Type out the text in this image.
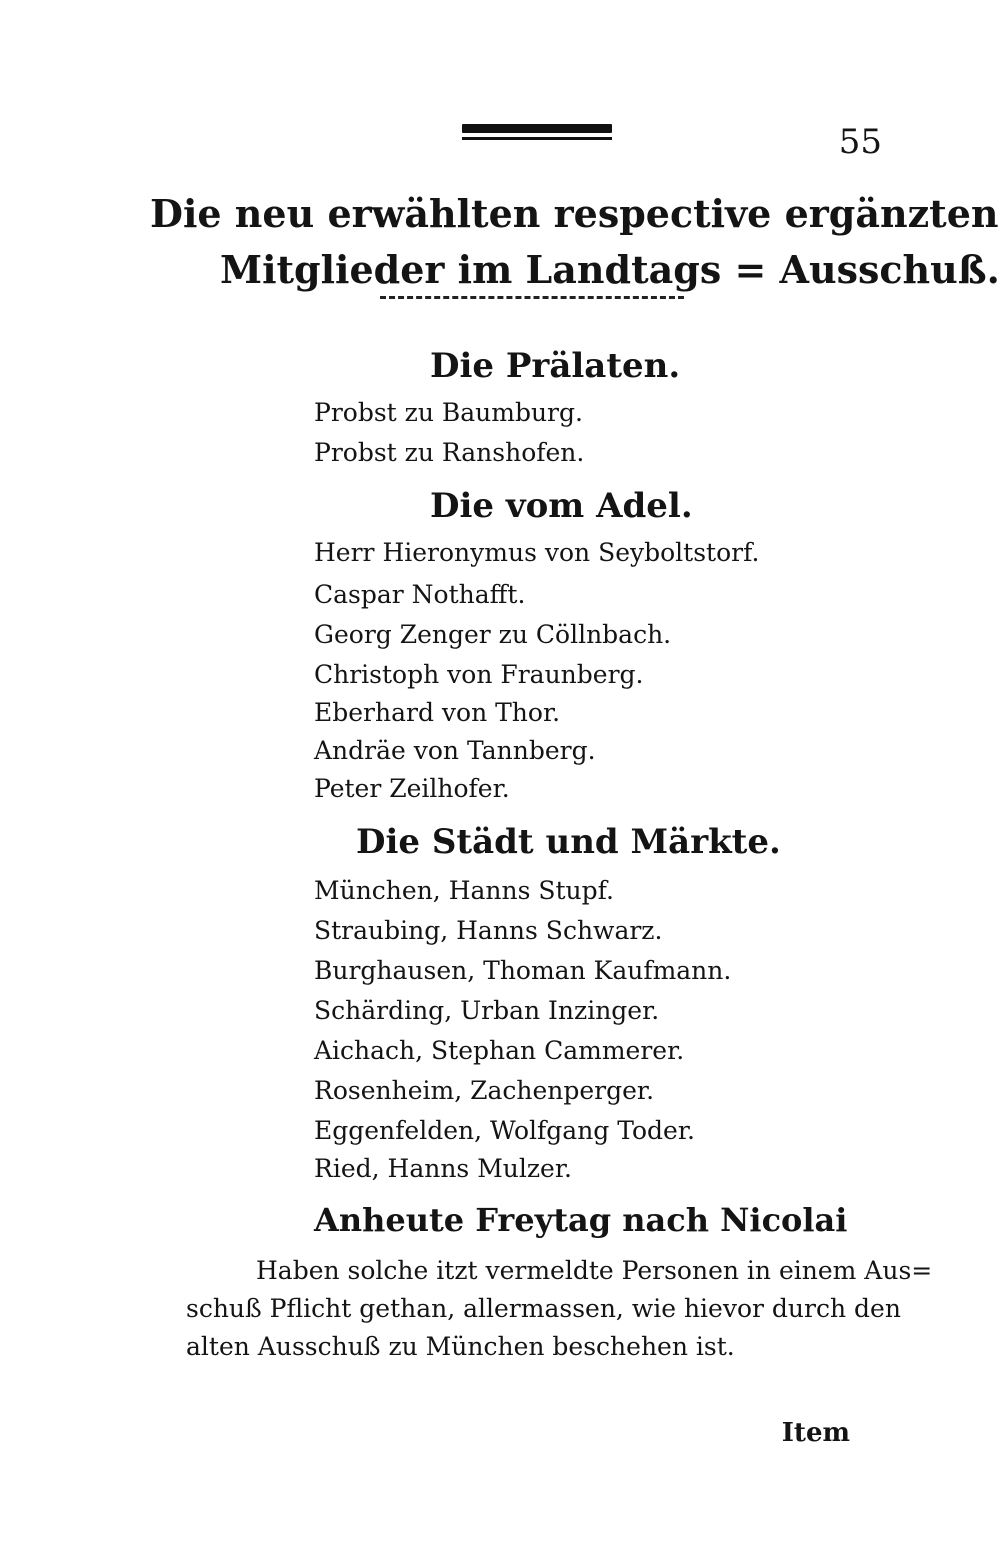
55
Die neu erwählten respective ergänzten
Mitglieder im Landtags = Ausschuß.
Die Prälaten.
Probst zu Baumburg.
Probst zu Ranshofen.
Die vom Adel.
Herr Hieronymus von Seyboltstorf.
Caspar Nothafft.
Georg Zenger zu Cöllnbach.
Christoph von Fraunberg.
Eberhard von Thor.
Andräe von Tannberg.
Peter Zeilhofer.
Die Städt und Märkte.
München, Hanns Stupf.
Straubing, Hanns Schwarz.
Burghausen, Thoman Kaufmann.
Schärding, Urban Inzinger.
Aichach, Stephan Cammerer.
Rosenheim, Zachenperger.
Eggenfelden, Wolfgang Toder.
Ried, Hanns Mulzer.
Anheute Freytag nach Nicolai
Haben solche itzt vermeldte Personen in einem Aus=
schuß Pflicht gethan, allermassen, wie hievor durch den
alten Ausschuß zu München beschehen ist.
Item
